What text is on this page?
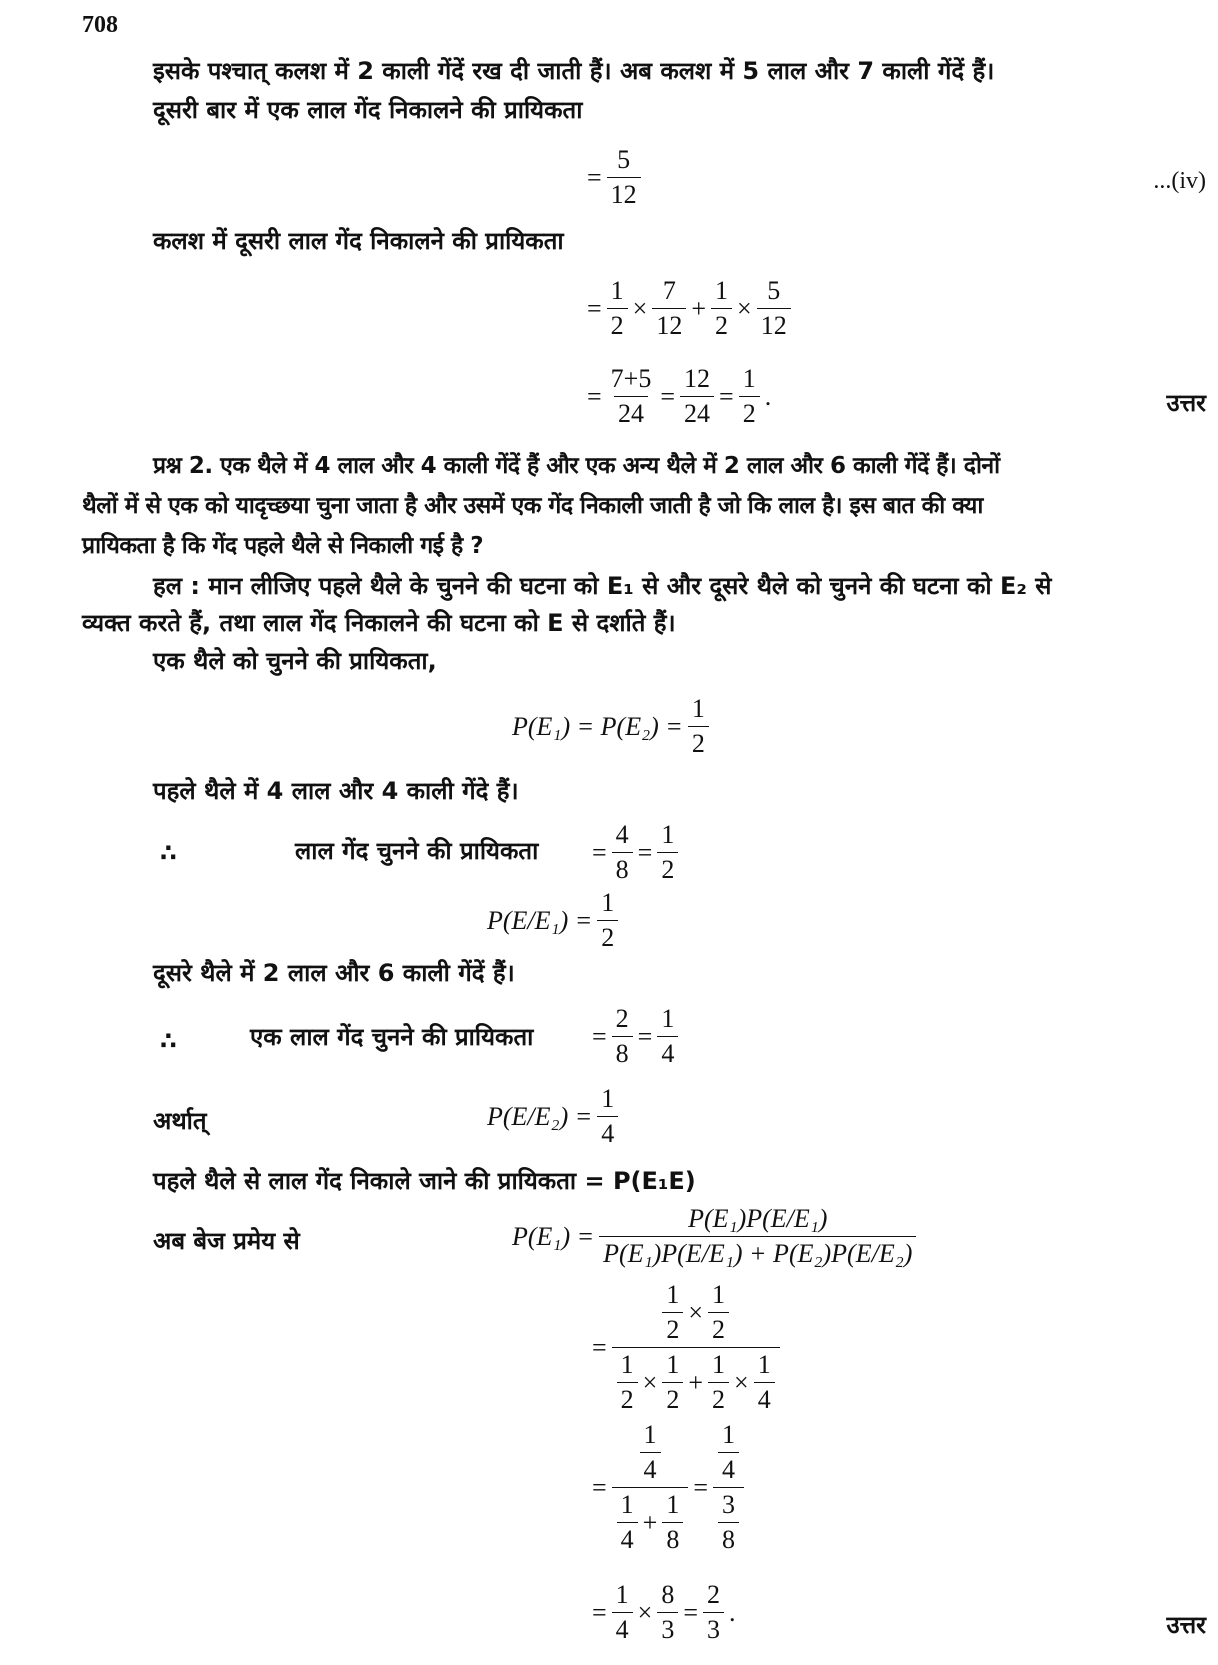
708
इसके पश्चात् कलश में 2 काली गेंदें रख दी जाती हैं। अब कलश में 5 लाल और 7 काली गेंदें हैं।
दूसरी बार में एक लाल गेंद निकालने की प्रायिकता
= $\frac{5}{12}$	...(iv)
कलश में दूसरी लाल गेंद निकालने की प्रायिकता
= $\frac{1}{2} \times \frac{7}{12} + \frac{1}{2} \times \frac{5}{12}$
= $\frac{7+5}{24} = \frac{12}{24} = \frac{1}{2}$ .	उत्तर
प्रश्न 2. एक थैले में 4 लाल और 4 काली गेंदें हैं और एक अन्य थैले में 2 लाल और 6 काली गेंदें हैं। दोनों
थैलों में से एक को यादृच्छया चुना जाता है और उसमें एक गेंद निकाली जाती है जो कि लाल है। इस बात की क्या
प्रायिकता है कि गेंद पहले थैले से निकाली गई है ?
हल : मान लीजिए पहले थैले के चुनने की घटना को E₁ से और दूसरे थैले को चुनने की घटना को E₂ से
व्यक्त करते हैं, तथा लाल गेंद निकालने की घटना को E से दर्शाते हैं।
एक थैले को चुनने की प्रायिकता,
$P(E_1) = P(E_2) = \frac{1}{2}$
पहले थैले में 4 लाल और 4 काली गेंदे हैं।
∴	लाल गेंद चुनने की प्रायिकता = $\frac{4}{8} = \frac{1}{2}$
$P(E/E_1) = \frac{1}{2}$
दूसरे थैले में 2 लाल और 6 काली गेंदें हैं।
∴	एक लाल गेंद चुनने की प्रायिकता = $\frac{2}{8} = \frac{1}{4}$
अर्थात्	$P(E/E_2) = \frac{1}{4}$
पहले थैले से लाल गेंद निकाले जाने की प्रायिकता = P(E₁E)
अब बेज प्रमेय से	$P(E_1) = \frac{\text{P(E₁)P(E/E₁)}}{\text{P(E₁)P(E/E₁) + P(E₂)P(E/E₂)}}$
= $\frac{\frac{1}{2} \times \frac{1}{2}}{\frac{1}{2} \times \frac{1}{2} + \frac{1}{2} \times \frac{1}{4}}$
= $\frac{\frac{1}{4}}{\frac{1}{4} + \frac{1}{8}} = \frac{\frac{1}{4}}{\frac{3}{8}}$
= $\frac{1}{4} \times \frac{8}{3} = \frac{2}{3}$ .	उत्तर
